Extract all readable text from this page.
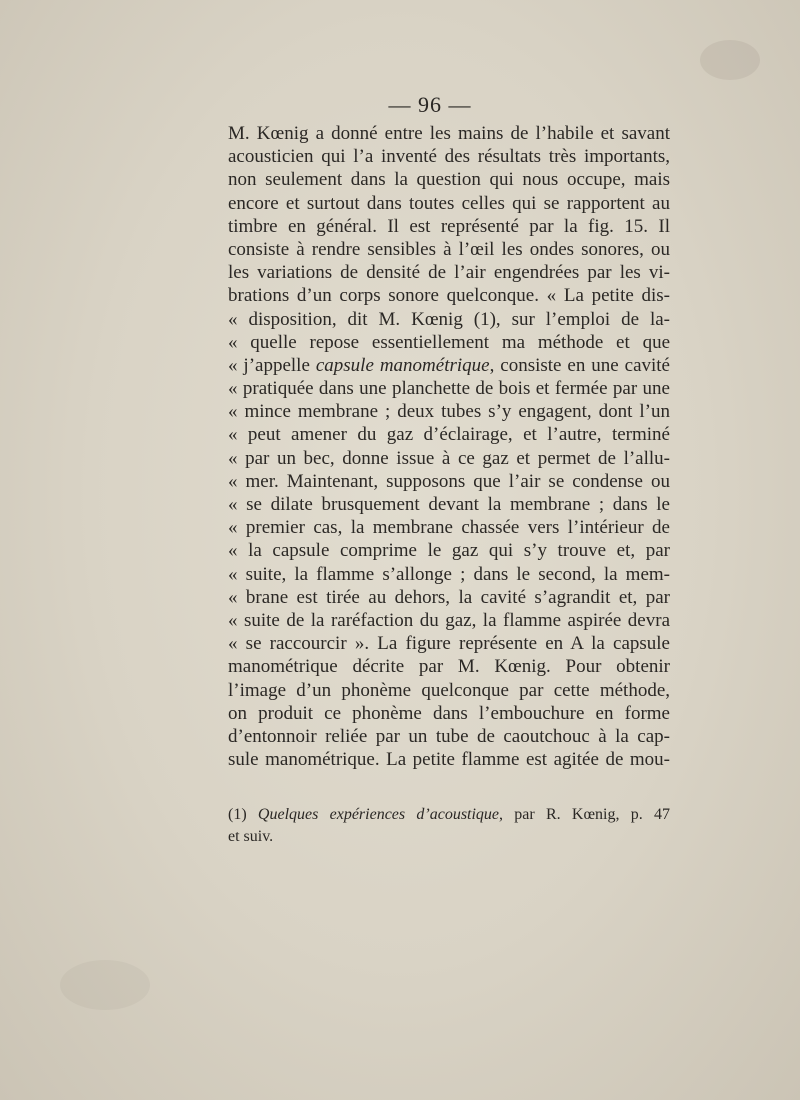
— 96 —
M. Kœnig a donné entre les mains de l’habile et savant
acousticien qui l’a inventé des résultats très importants,
non seulement dans la question qui nous occupe, mais
encore et surtout dans toutes celles qui se rapportent au
timbre en général. Il est représenté par la fig. 15. Il
consiste à rendre sensibles à l’œil les ondes sonores, ou
les variations de densité de l’air engendrées par les vi-
brations d’un corps sonore quelconque. « La petite dis-
« disposition, dit M. Kœnig (1), sur l’emploi de la-
« quelle repose essentiellement ma méthode et que
« j’appelle capsule manométrique, consiste en une cavité
« pratiquée dans une planchette de bois et fermée par une
« mince membrane ; deux tubes s’y engagent, dont l’un
« peut amener du gaz d’éclairage, et l’autre, terminé
« par un bec, donne issue à ce gaz et permet de l’allu-
« mer. Maintenant, supposons que l’air se condense ou
« se dilate brusquement devant la membrane ; dans le
« premier cas, la membrane chassée vers l’intérieur de
« la capsule comprime le gaz qui s’y trouve et, par
« suite, la flamme s’allonge ; dans le second, la mem-
« brane est tirée au dehors, la cavité s’agrandit et, par
« suite de la raréfaction du gaz, la flamme aspirée devra
« se raccourcir ». La figure représente en A la capsule
manométrique décrite par M. Kœnig. Pour obtenir
l’image d’un phonème quelconque par cette méthode,
on produit ce phonème dans l’embouchure en forme
d’entonnoir reliée par un tube de caoutchouc à la cap-
sule manométrique. La petite flamme est agitée de mou-
(1) Quelques expériences d’acoustique, par R. Kœnig, p. 47
et suiv.
